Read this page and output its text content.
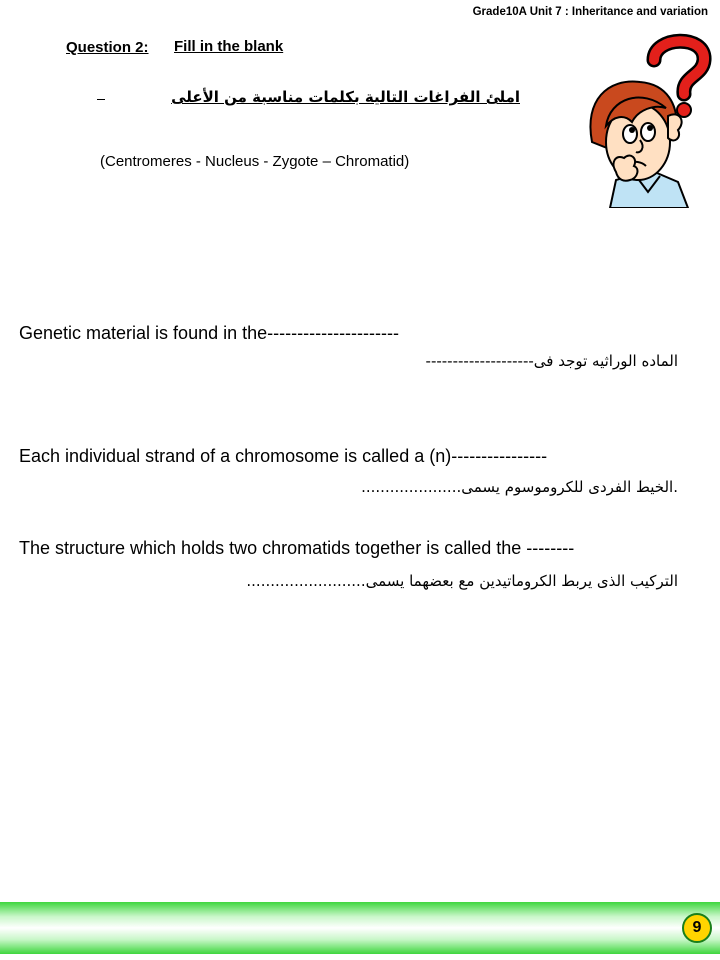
Grade10A Unit 7 : Inheritance and variation
Question 2: Fill in the blank
املئ الفراغات التالية بكلمات مناسبة من الأعلى
(Centromeres - Nucleus - Zygote – Chromatid)
Genetic material is found in the----------------------
الماده الوراثيه توجد فى--------------------
Each individual strand of a chromosome is called a (n)----------------
.الخيط الفردى للكروموسوم يسمى.....................
The structure which holds two chromatids together is called the --------
التركيب الذى يربط الكروماتيدين مع بعضهما يسمى.........................
9
